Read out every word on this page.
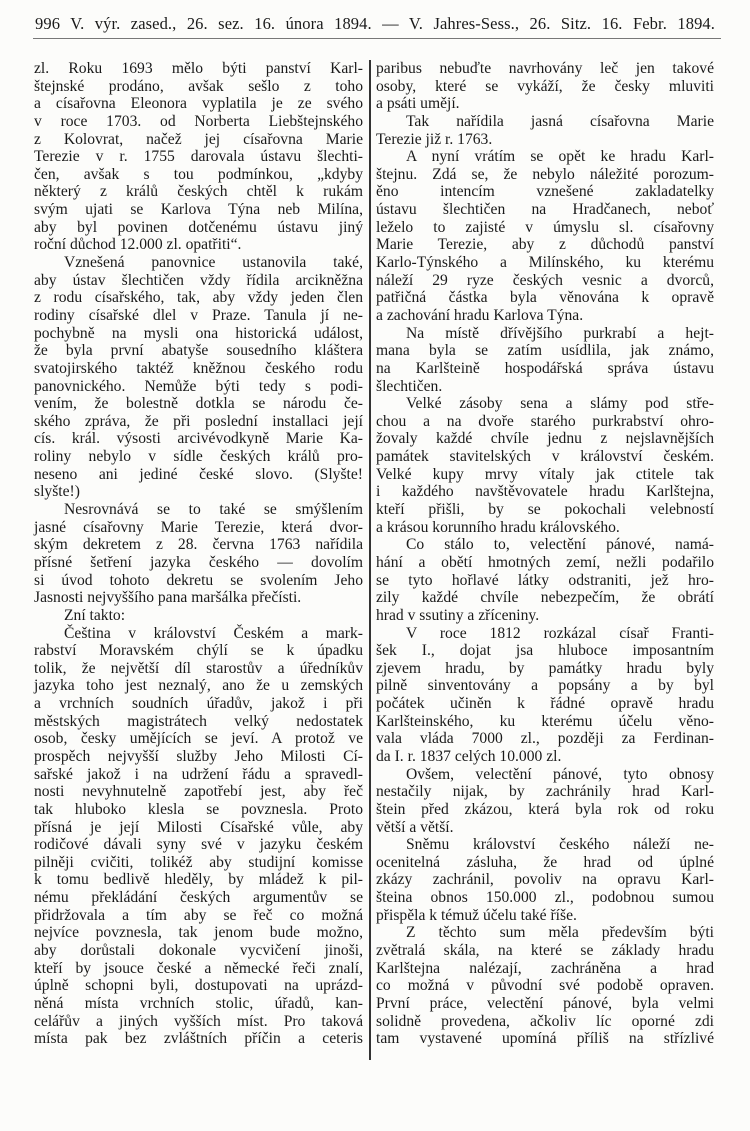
996 V. výr. zased., 26. sez. 16. února 1894. — V. Jahres-Sess., 26. Sitz. 16. Febr. 1894.
zl. Roku 1693 mělo býti panství Karl-
štejnské prodáno, avšak sešlo z toho
a císařovna Eleonora vyplatila je ze svého
v roce 1703. od Norberta Liebštejnského
z Kolovrat, načež jej císařovna Marie
Terezie v r. 1755 darovala ústavu šlechti-
čen, avšak s tou podmínkou, „kdyby
některý z králů českých chtěl k rukám
svým ujati se Karlova Týna neb Milína,
aby byl povinen dotčenému ústavu jiný
roční důchod 12.000 zl. opatřiti“.
Vznešená panovnice ustanovila také,
aby ústav šlechtičen vždy řídila arcikněžna
z rodu císařského, tak, aby vždy jeden člen
rodiny císařské dlel v Praze. Tanula jí ne-
pochybně na mysli ona historická událost,
že byla první abatyše sousedního kláštera
svatojirského taktéž kněžnou českého rodu
panovnického. Nemůže býti tedy s podi-
vením, že bolestně dotkla se národu če-
ského zpráva, že při poslední installaci její
cís. král. výsosti arcivévodkyně Marie Ka-
roliny nebylo v sídle českých králů pro-
neseno ani jediné české slovo. (Slyšte!
slyšte!)
Nesrovnává se to také se smýšlením
jasné císařovny Marie Terezie, která dvor-
ským dekretem z 28. června 1763 nařídila
přísné šetření jazyka českého — dovolím
si úvod tohoto dekretu se svolením Jeho
Jasnosti nejvyššího pana maršálka přečísti.
Zní takto:
Čeština v království Českém a mark-
rabství Moravském chýlí se k úpadku
tolik, že největší díl starostův a úředníkův
jazyka toho jest neznalý, ano že u zemských
a vrchních soudních úřadův, jakož i při
městských magistrátech velký nedostatek
osob, česky umějících se jeví. A protož ve
prospěch nejvyšší služby Jeho Milosti Cí-
sařské jakož i na udržení řádu a spravedl-
nosti nevyhnutelně zapotřebí jest, aby řeč
tak hluboko klesla se povznesla. Proto
přísná je její Milosti Císařské vůle, aby
rodičové dávali syny své v jazyku českém
pilněji cvičiti, tolikéž aby studijní komisse
k tomu bedlivě hleděly, by mládež k pil-
nému překládání českých argumentův se
přidržovala a tím aby se řeč co možná
nejvíce povznesla, tak jenom bude možno,
aby dorůstali dokonale vycvičení jinoši,
kteří by jsouce české a německé řeči znalí,
úplně schopni byli, dostupovati na uprázd-
něná místa vrchních stolic, úřadů, kan-
celářův a jiných vyšších míst. Pro taková
místa pak bez zvláštních příčin a ceteris
paribus nebuďte navrhovány leč jen takové
osoby, které se vykáží, že česky mluviti
a psáti umějí.
Tak nařídila jasná císařovna Marie
Terezie již r. 1763.
A nyní vrátím se opět ke hradu Karl-
štejnu. Zdá se, že nebylo náležité porozum-
ěno intencím vznešené zakladatelky
ústavu šlechtičen na Hradčanech, neboť
leželo to zajisté v úmyslu sl. císařovny
Marie Terezie, aby z důchodů panství
Karlo-Týnského a Milínského, ku kterému
náleží 29 ryze českých vesnic a dvorců,
patřičná částka byla věnována k opravě
a zachování hradu Karlova Týna.
Na místě dřívějšího purkrabí a hejt-
mana byla se zatím usídlila, jak známo,
na Karlšteině hospodářská správa ústavu
šlechtičen.
Velké zásoby sena a slámy pod stře-
chou a na dvoře starého purkrabství ohro-
žovaly každé chvíle jednu z nejslavnějších
památek stavitelských v království českém.
Velké kupy mrvy vítaly jak ctitele tak
i každého navštěvovatele hradu Karlštejna,
kteří přišli, by se pokochali velebností
a krásou korunního hradu královského.
Co stálo to, velectění pánové, namá-
hání a obětí hmotných zemí, nežli podařilo
se tyto hořlavé látky odstraniti, jež hro-
zily každé chvíle nebezpečím, že obrátí
hrad v ssutiny a zříceniny.
V roce 1812 rozkázal císař Franti-
šek I., dojat jsa hluboce imposantním
zjevem hradu, by památky hradu byly
pilně sinventovány a popsány a by byl
počátek učiněn k řádné opravě hradu
Karlšteinského, ku kterému účelu věno-
vala vláda 7000 zl., později za Ferdinan-
da I. r. 1837 celých 10.000 zl.
Ovšem, velectění pánové, tyto obnosy
nestačily nijak, by zachránily hrad Karl-
štein před zkázou, která byla rok od roku
větší a větší.
Sněmu království českého náleží ne-
ocenitelná zásluha, že hrad od úplné
zkázy zachránil, povoliv na opravu Karl-
šteina obnos 150.000 zl., podobnou sumou
přispěla k témuž účelu také říše.
Z těchto sum měla především býti
zvětralá skála, na které se základy hradu
Karlštejna nalézají, zachráněna a hrad
co možná v původní své podobě opraven.
První práce, velectění pánové, byla velmi
solidně provedena, ačkoliv líc oporné zdi
tam vystavené upomíná příliš na střízlivé
